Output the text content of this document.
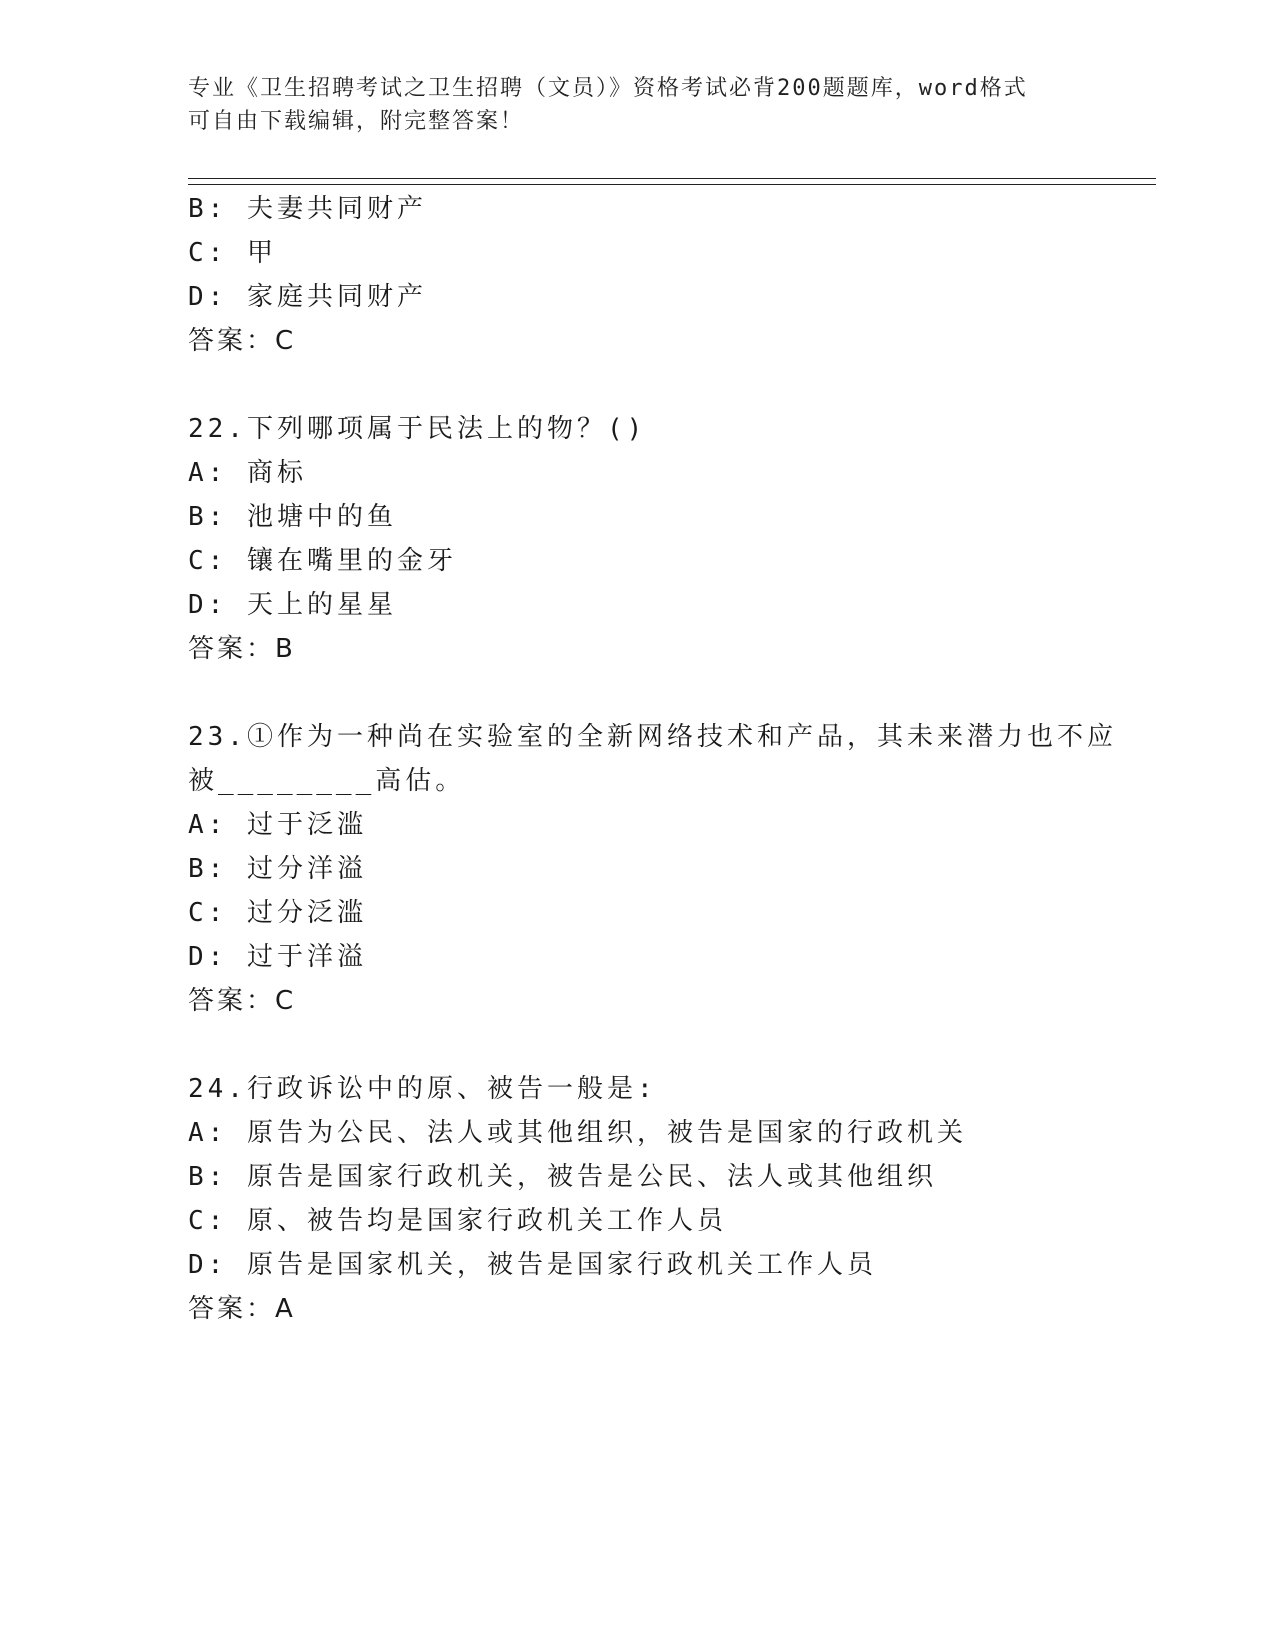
专业《卫生招聘考试之卫生招聘（文员）》资格考试必背200题题库，word格式
可自由下载编辑，附完整答案！
B: 夫妻共同财产
C: 甲
D: 家庭共同财产
答案：C
22.下列哪项属于民法上的物？()
A: 商标
B: 池塘中的鱼
C: 镶在嘴里的金牙
D: 天上的星星
答案：B
23.①作为一种尚在实验室的全新网络技术和产品，其未来潜力也不应
被________高估。
A: 过于泛滥
B: 过分洋溢
C: 过分泛滥
D: 过于洋溢
答案：C
24.行政诉讼中的原、被告一般是:
A: 原告为公民、法人或其他组织，被告是国家的行政机关
B: 原告是国家行政机关，被告是公民、法人或其他组织
C: 原、被告均是国家行政机关工作人员
D: 原告是国家机关，被告是国家行政机关工作人员
答案：A
